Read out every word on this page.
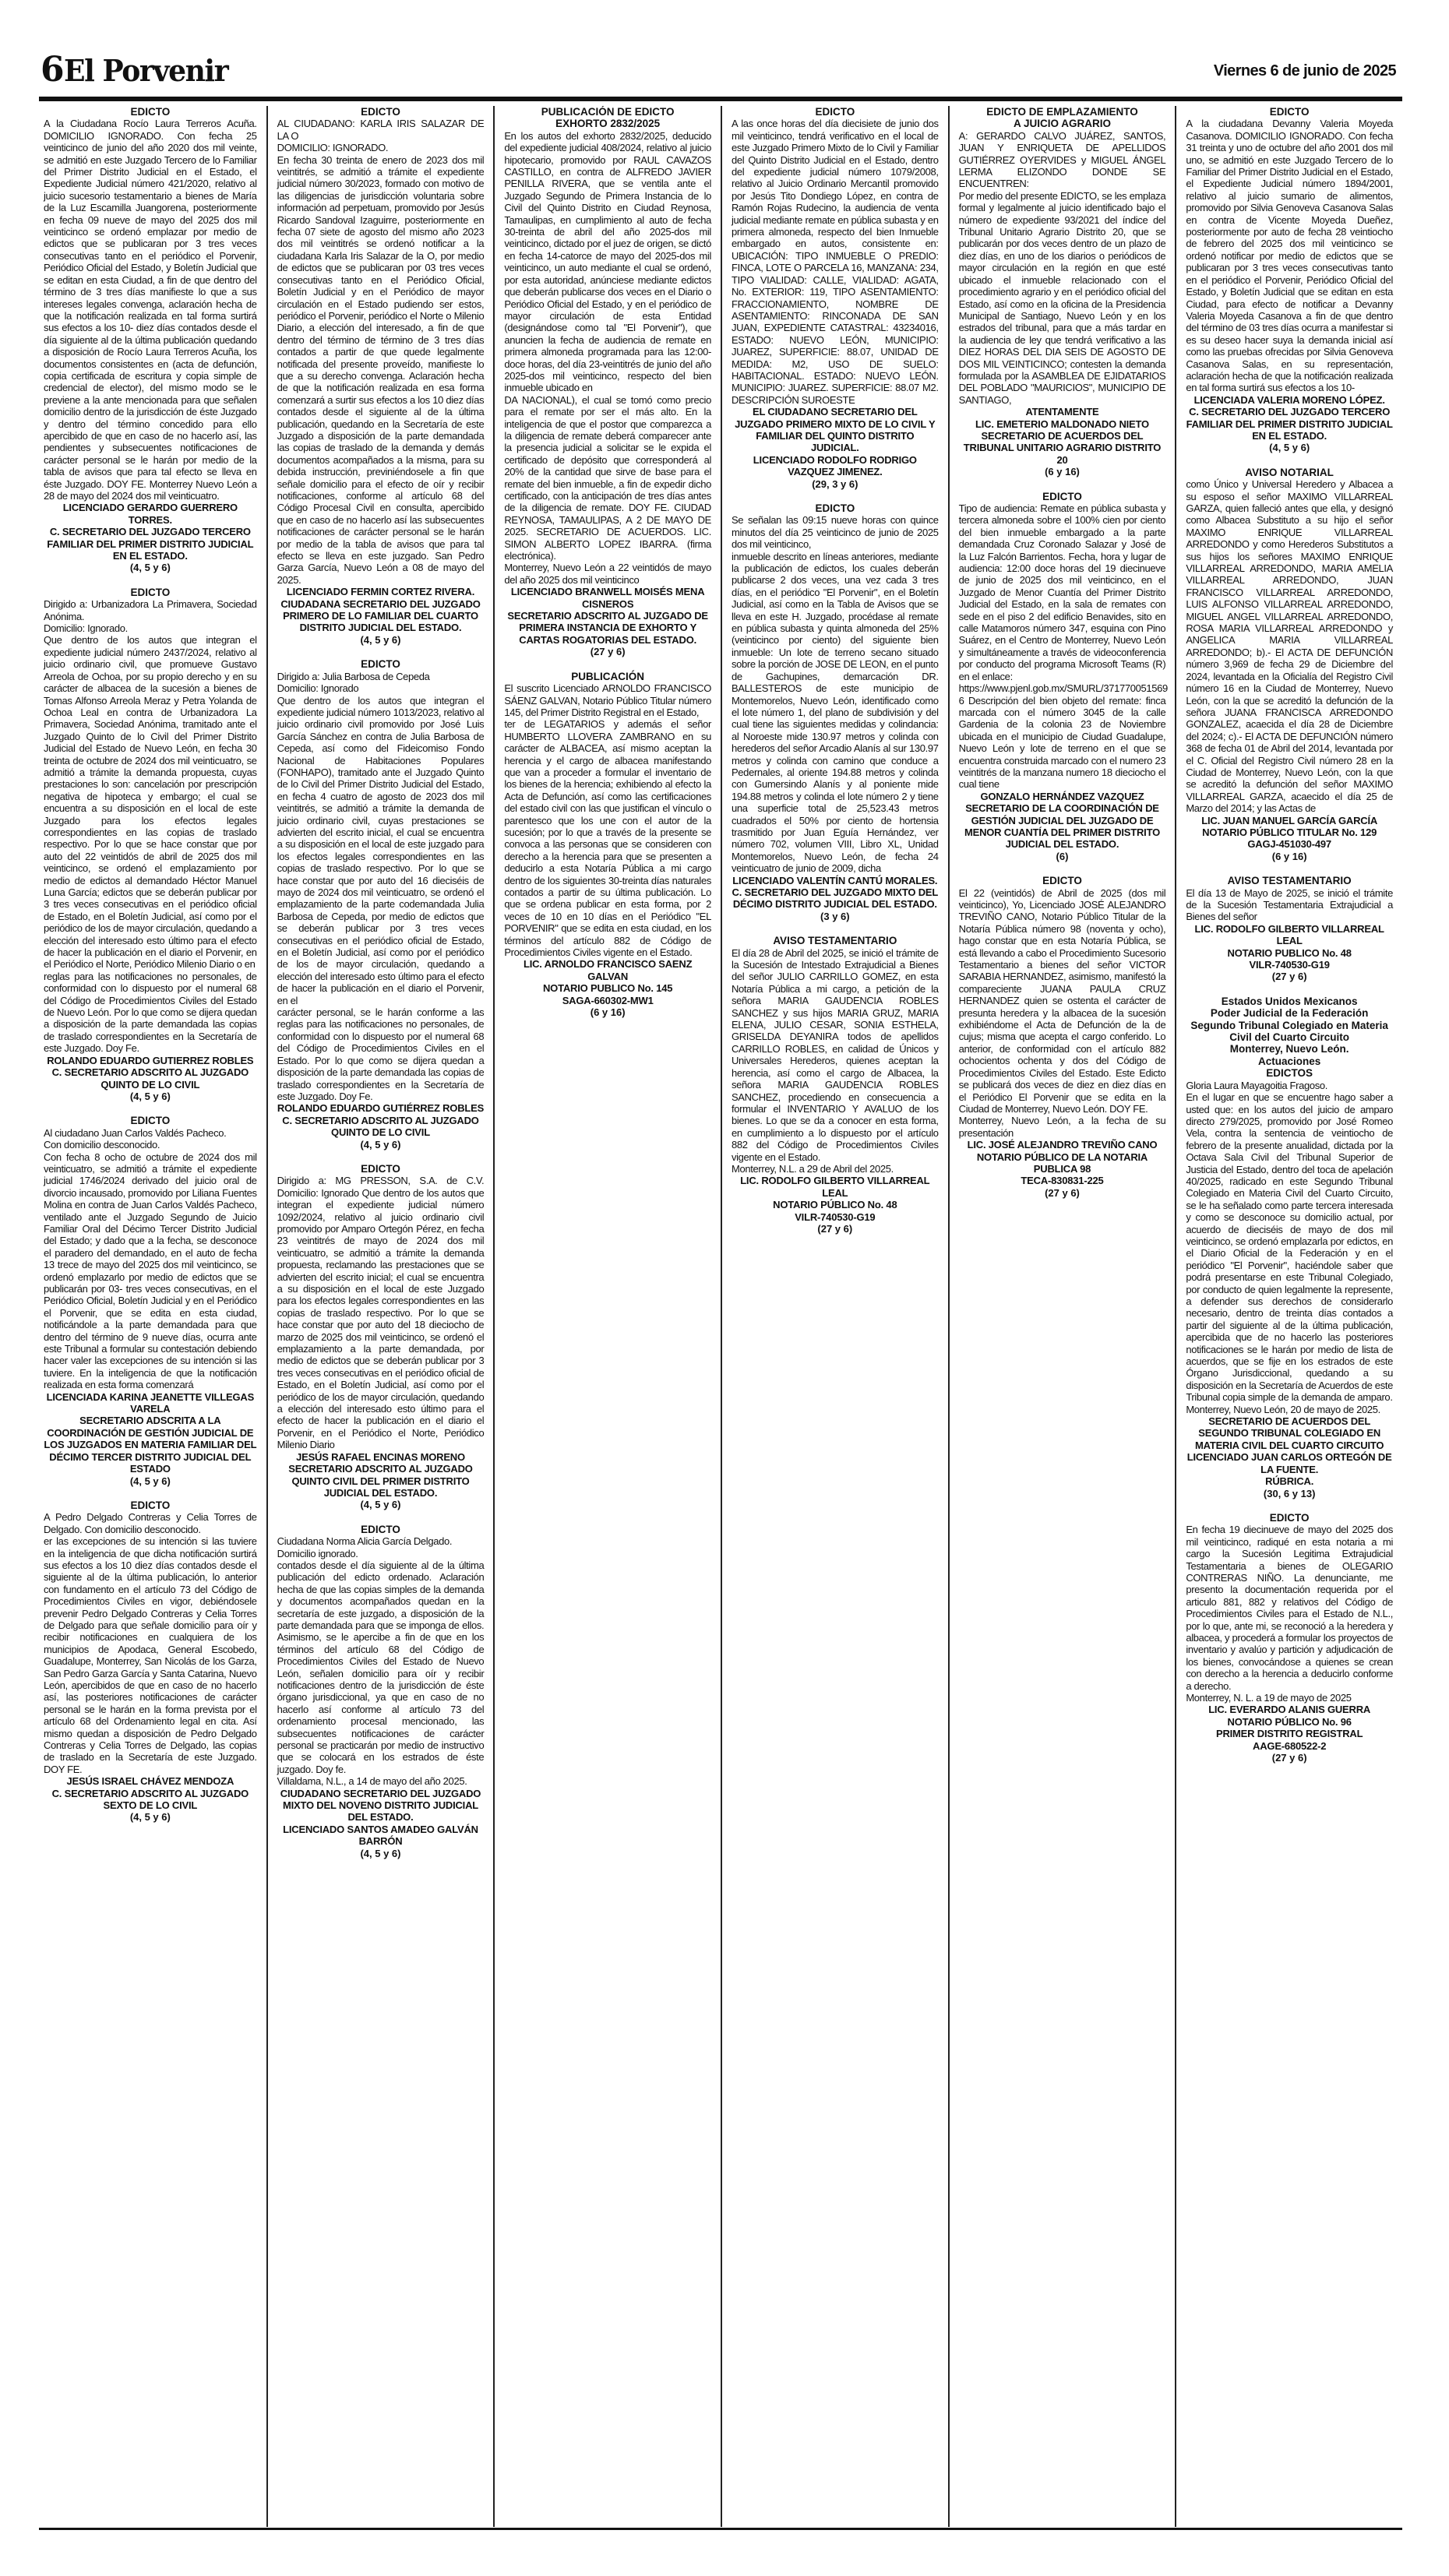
6 El Porvenir	Viernes 6 de junio de 2025
EDICTO

A la Ciudadana Rocío Laura Terreros Acuña. DOMICILIO IGNORADO. Con fecha 25 veinticinco de junio del año 2020 dos mil veinte, se admitió en este Juzgado Tercero de lo Familiar del Primer Distrito Judicial en el Estado, el Expediente Judicial número 421/2020, relativo al juicio sucesorio testamentario a bienes de María de la Luz Escamilla Juangorena, posteriormente en fecha 09 nueve de mayo del 2025 dos mil veinticinco se ordenó emplazar por medio de edictos que se publicaran por 3 tres veces consecutivas tanto en el periódico el Porvenir, Periódico Oficial del Estado, y Boletín Judicial que se editan en esta Ciudad, a fin de que dentro del término de 3 tres días manifieste lo que a sus intereses legales convenga, aclaración hecha de que la notificación realizada en tal forma surtirá sus efectos a los 10- diez días contados desde el día siguiente al de la última publicación quedando a disposición de Rocío Laura Terreros Acuña, los documentos consistentes en (acta de defunción, copia certificada de escritura y copia simple de credencial de elector), del mismo modo se le previene a la ante mencionada para que señalen domicilio dentro de la jurisdicción de éste Juzgado y dentro del término concedido para ello apercibido de que en caso de no hacerlo así, las pendientes y subsecuentes notificaciones de carácter personal se le harán por medio de la tabla de avisos que para tal efecto se lleva en éste Juzgado. DOY FE. Monterrey Nuevo León a 28 de mayo del 2024 dos mil veinticuatro.

LICENCIADO GERARDO GUERRERO TORRES.
C. SECRETARIO DEL JUZGADO TERCERO FAMILIAR DEL PRIMER DISTRITO JUDICIAL EN EL ESTADO.
(4, 5 y 6)
EDICTO

Dirigido a: Urbanizadora La Primavera, Sociedad Anónima.

Domicilio: Ignorado.

Que dentro de los autos que integran el expediente judicial número 2437/2024, relativo al juicio ordinario civil, que promueve Gustavo Arreola de Ochoa, por su propio derecho y en su carácter de albacea de la sucesión a bienes de Tomas Alfonso Arreola Meraz y Petra Yolanda de Ochoa Leal en contra de Urbanizadora La Primavera, Sociedad Anónima, tramitado ante el Juzgado Quinto de lo Civil del Primer Distrito Judicial del Estado de Nuevo León, en fecha 30 treinta de octubre de 2024 dos mil veinticuatro, se admitió a trámite la demanda propuesta, cuyas prestaciones lo son: cancelación por prescripción negativa de hipoteca y embargo; el cual se encuentra a su disposición en el local de este Juzgado para los efectos legales correspondientes en las copias de traslado respectivo. Por lo que se hace constar que por auto del 22 veintidós de abril de 2025 dos mil veinticinco, se ordenó el emplazamiento por medio de edictos al demandado Héctor Manuel Luna García; edictos que se deberán publicar por 3 tres veces consecutivas en el periódico oficial de Estado, en el Boletín Judicial, así como por el periódico de los de mayor circulación, quedando a elección del interesado esto último para el efecto de hacer la publicación en el diario el Porvenir, en el Periódico el Norte, Periódico Milenio Diario o en

reglas para las notificaciones no personales, de conformidad con lo dispuesto por el numeral 68 del Código de Procedimientos Civiles del Estado de Nuevo León. Por lo que como se dijera quedan a disposición de la parte demandada las copias de traslado correspondientes en la Secretaría de este Juzgado. Doy Fe.

ROLANDO EDUARDO GUTIERREZ ROBLES
C. SECRETARIO ADSCRITO AL JUZGADO QUINTO DE LO CIVIL
(4, 5 y 6)
EDICTO

Al ciudadano Juan Carlos Valdés Pacheco.

Con domicilio desconocido.

Con fecha 8 ocho de octubre de 2024 dos mil veinticuatro, se admitió a trámite el expediente judicial 1746/2024 derivado del juicio oral de divorcio incausado, promovido por Liliana Fuentes Molina en contra de Juan Carlos Valdés Pacheco, ventilado ante el Juzgado Segundo de Juicio Familiar Oral del Décimo Tercer Distrito Judicial del Estado; y dado que a la fecha, se desconoce el paradero del demandado, en el auto de fecha 13 trece de mayo del 2025 dos mil veinticinco, se ordenó emplazarlo por medio de edictos que se publicarán por 03- tres veces consecutivas, en el Periódico Oficial, Boletín Judicial y en el Periódico el Porvenir, que se edita en esta ciudad, notificándole a la parte demandada para que dentro del término de 9 nueve días, ocurra ante este Tribunal a formular su contestación debiendo hacer valer las excepciones de su intención si las tuviere. En la inteligencia de que la notificación realizada en esta forma comenzará

LICENCIADA KARINA JEANETTE VILLEGAS VARELA
SECRETARIO ADSCRITA A LA COORDINACIÓN DE GESTIÓN JUDICIAL DE LOS JUZGADOS EN MATERIA FAMILIAR DEL DÉCIMO TERCER DISTRITO JUDICIAL DEL ESTADO
(4, 5 y 6)
EDICTO

A Pedro Delgado Contreras y Celia Torres de Delgado. Con domicilio desconocido.

er las excepciones de su intención si las tuviere en la inteligencia de que dicha notificación surtirá sus efectos a los 10 diez días contados desde el siguiente al de la última publicación, lo anterior con fundamento en el artículo 73 del Código de Procedimientos Civiles en vigor, debiéndosele prevenir Pedro Delgado Contreras y Celia Torres de Delgado para que señale domicilio para oír y recibir notificaciones en cualquiera de los municipios de Apodaca, General Escobedo, Guadalupe, Monterrey, San Nicolás de los Garza, San Pedro Garza García y Santa Catarina, Nuevo León, apercibidos de que en caso de no hacerlo así, las posteriores notificaciones de carácter personal se le harán en la forma prevista por el artículo 68 del Ordenamiento legal en cita. Así mismo quedan a disposición de Pedro Delgado Contreras y Celia Torres de Delgado, las copias de traslado en la Secretaría de este Juzgado. DOY FE.

JESÚS ISRAEL CHÁVEZ MENDOZA
C. SECRETARIO ADSCRITO AL JUZGADO SEXTO DE LO CIVIL
(4, 5 y 6)
EDICTO

AL CIUDADANO: KARLA IRIS SALAZAR DE LA O

DOMICILIO: IGNORADO.

En fecha 30 treinta de enero de 2023 dos mil veintitrés, se admitió a trámite el expediente judicial número 30/2023, formado con motivo de las diligencias de jurisdicción voluntaria sobre información ad perpetuam, promovido por Jesús Ricardo Sandoval Izaguirre, posteriormente en fecha 07 siete de agosto del mismo año 2023 dos mil veintitrés se ordenó notificar a la ciudadana Karla Iris Salazar de la O, por medio de edictos que se publicaran por 03 tres veces consecutivas tanto en el Periódico Oficial, Boletín Judicial y en el Periódico de mayor circulación en el Estado pudiendo ser estos, periódico el Porvenir, periódico el Norte o Milenio Diario, a elección del interesado, a fin de que dentro del término de término de 3 tres días contados a partir de que quede legalmente notificada del presente proveído, manifieste lo que a su derecho convenga. Aclaración hecha de que la notificación realizada en esa forma comenzará a surtir sus efectos a los 10 diez días contados desde el siguiente al de la última publicación, quedando en la Secretaría de este Juzgado a disposición de la parte demandada las copias de traslado de la demanda y demás documentos acompañados a la misma, para su debida instrucción, previniéndosele a fin que señale domicilio para el efecto de oír y recibir notificaciones, conforme al artículo 68 del Código Procesal Civil en consulta, apercibido que en caso de no hacerlo así las subsecuentes notificaciones de carácter personal se le harán por medio de la tabla de avisos que para tal efecto se lleva en este juzgado. San Pedro Garza García, Nuevo León a 08 de mayo del 2025.

LICENCIADO FERMIN CORTEZ RIVERA.
CIUDADANA SECRETARIO DEL JUZGADO PRIMERO DE LO FAMILIAR DEL CUARTO DISTRITO JUDICIAL DEL ESTADO.
(4, 5 y 6)
EDICTO

Dirigido a: Julia Barbosa de Cepeda

Domicilio: Ignorado

Que dentro de los autos que integran el expediente judicial número 1013/2023, relativo al juicio ordinario civil promovido por José Luis García Sánchez en contra de Julia Barbosa de Cepeda, así como del Fideicomiso Fondo Nacional de Habitaciones Populares (FONHAPO), tramitado ante el Juzgado Quinto de lo Civil del Primer Distrito Judicial del Estado, en fecha 4 cuatro de agosto de 2023 dos mil veintitrés, se admitió a trámite la demanda de juicio ordinario civil, cuyas prestaciones se advierten del escrito inicial, el cual se encuentra a su disposición en el local de este juzgado para los efectos legales correspondientes en las copias de traslado respectivo. Por lo que se hace constar que por auto del 16 dieciséis de mayo de 2024 dos mil veinticuatro, se ordenó el emplazamiento de la parte codemandada Julia Barbosa de Cepeda, por medio de edictos que se deberán publicar por 3 tres veces consecutivas en el periódico oficial de Estado, en el Boletín Judicial, así como por el periódico de los de mayor circulación, quedando a elección del interesado esto último para el efecto de hacer la publicación en el diario el Porvenir, en el

carácter personal, se le harán conforme a las reglas para las notificaciones no personales, de conformidad con lo dispuesto por el numeral 68 del Código de Procedimientos Civiles en el Estado. Por lo que como se dijera quedan a disposición de la parte demandada las copias de traslado correspondientes en la Secretaría de este Juzgado. Doy Fe.

ROLANDO EDUARDO GUTIÉRREZ ROBLES
C. SECRETARIO ADSCRITO AL JUZGADO QUINTO DE LO CIVIL
(4, 5 y 6)
EDICTO

Dirigido a: MG PRESSON, S.A. de C.V. Domicilio: Ignorado Que dentro de los autos que integran el expediente judicial número 1092/2024, relativo al juicio ordinario civil promovido por Amparo Ortegón Pérez, en fecha 23 veintitrés de mayo de 2024 dos mil veinticuatro, se admitió a trámite la demanda propuesta, reclamando las prestaciones que se advierten del escrito inicial; el cual se encuentra a su disposición en el local de este Juzgado para los efectos legales correspondientes en las copias de traslado respectivo. Por lo que se hace constar que por auto del 18 dieciocho de marzo de 2025 dos mil veinticinco, se ordenó el emplazamiento a la parte demandada, por medio de edictos que se deberán publicar por 3 tres veces consecutivas en el periódico oficial de Estado, en el Boletín Judicial, así como por el periódico de los de mayor circulación, quedando a elección del interesado esto último para el efecto de hacer la publicación en el diario el Porvenir, en el Periódico el Norte, Periódico Milenio Diario

JESÚS RAFAEL ENCINAS MORENO
SECRETARIO ADSCRITO AL JUZGADO QUINTO CIVIL DEL PRIMER DISTRITO JUDICIAL DEL ESTADO.
(4, 5 y 6)
EDICTO

Ciudadana Norma Alicia García Delgado.

Domicilio ignorado.

contados desde el día siguiente al de la última publicación del edicto ordenado. Aclaración hecha de que las copias simples de la demanda y documentos acompañados quedan en la secretaría de este juzgado, a disposición de la parte demandada para que se imponga de ellos. Asimismo, se le apercibe a fin de que en los términos del artículo 68 del Código de Procedimientos Civiles del Estado de Nuevo León, señalen domicilio para oír y recibir notificaciones dentro de la jurisdicción de éste órgano jurisdiccional, ya que en caso de no hacerlo así conforme al artículo 73 del ordenamiento procesal mencionado, las subsecuentes notificaciones de carácter personal se practicarán por medio de instructivo que se colocará en los estrados de éste juzgado. Doy fe.

Villaldama, N.L., a 14 de mayo del año 2025.

CIUDADANO SECRETARIO DEL JUZGADO MIXTO DEL NOVENO DISTRITO JUDICIAL DEL ESTADO.
LICENCIADO SANTOS AMADEO GALVÁN BARRÓN
(4, 5 y 6)
PUBLICACIÓN DE EDICTO
EXHORTO 2832/2025

En los autos del exhorto 2832/2025, deducido del expediente judicial 408/2024, relativo al juicio hipotecario, promovido por RAUL CAVAZOS CASTILLO, en contra de ALFREDO JAVIER PENILLA RIVERA, que se ventila ante el Juzgado Segundo de Primera Instancia de lo Civil del Quinto Distrito en Ciudad Reynosa, Tamaulipas, en cumplimiento al auto de fecha 30-treinta de abril del año 2025-dos mil veinticinco, dictado por el juez de origen, se dictó en fecha 14-catorce de mayo del 2025-dos mil veinticinco, un auto mediante el cual se ordenó, por esta autoridad, anúnciese mediante edictos que deberán publicarse dos veces en el Diario o Periódico Oficial del Estado, y en el periódico de mayor circulación de esta Entidad (designándose como tal "El Porvenir"), que anuncien la fecha de audiencia de remate en primera almoneda programada para las 12:00-doce horas, del día 23-veintitrés de junio del año 2025-dos mil veinticinco, respecto del bien inmueble ubicado en

DA NACIONAL), el cual se tomó como precio para el remate por ser el más alto. En la inteligencia de que el postor que comparezca a la diligencia de remate deberá comparecer ante la presencia judicial a solicitar se le expida el certificado de depósito que corresponderá al 20% de la cantidad que sirve de base para el remate del bien inmueble, a fin de expedir dicho certificado, con la anticipación de tres días antes de la diligencia de remate. DOY FE. CIUDAD REYNOSA, TAMAULIPAS, A 2 DE MAYO DE 2025. SECRETARIO DE ACUERDOS. LIC. SIMON ALBERTO LOPEZ IBARRA. (firma electrónica).

Monterrey, Nuevo León a 22 veintidós de mayo del año 2025 dos mil veinticinco

LICENCIADO BRANWELL MOISÉS MENA CISNEROS
SECRETARIO ADSCRITO AL JUZGADO DE PRIMERA INSTANCIA DE EXHORTO Y CARTAS ROGATORIAS DEL ESTADO.
(27 y 6)
PUBLICACIÓN

El suscrito Licenciado ARNOLDO FRANCISCO SÁENZ GALVAN, Notario Público Titular número 145, del Primer Distrito Registral en el Estado,

ter de LEGATARIOS y además el señor HUMBERTO LLOVERA ZAMBRANO en su carácter de ALBACEA, así mismo aceptan la herencia y el cargo de albacea manifestando que van a proceder a formular el inventario de los bienes de la herencia; exhibiendo al efecto la Acta de Defunción, así como las certificaciones del estado civil con las que justifican el vínculo o parentesco que los une con el autor de la sucesión; por lo que a través de la presente se convoca a las personas que se consideren con derecho a la herencia para que se presenten a deducirlo a esta Notaría Pública a mi cargo dentro de los siguientes 30-treinta días naturales contados a partir de su última publicación. Lo que se ordena publicar en esta forma, por 2 veces de 10 en 10 días en el Periódico "EL PORVENIR" que se edita en esta ciudad, en los términos del artículo 882 de Código de Procedimientos Civiles vigente en el Estado.

LIC. ARNOLDO FRANCISCO SAENZ GALVAN
NOTARIO PUBLICO No. 145
SAGA-660302-MW1
(6 y 16)
EDICTO

A las once horas del día diecisiete de junio dos mil veinticinco, tendrá verificativo en el local de este Juzgado Primero Mixto de lo Civil y Familiar del Quinto Distrito Judicial en el Estado, dentro del expediente judicial número 1079/2008, relativo al Juicio Ordinario Mercantil promovido por Jesús Tito Dondiego López, en contra de Ramón Rojas Rudecino, la audiencia de venta judicial mediante remate en pública subasta y en primera almoneda, respecto del bien Inmueble embargado en autos, consistente en: UBICACIÓN: TIPO INMUEBLE O PREDIO: FINCA, LOTE O PARCELA 16, MANZANA: 234, TIPO VIALIDAD: CALLE, VIALIDAD: AGATA, No. EXTERIOR: 119, TIPO ASENTAMIENTO: FRACCIONAMIENTO, NOMBRE DE ASENTAMIENTO: RINCONADA DE SAN JUAN, EXPEDIENTE CATASTRAL: 43234016, ESTADO: NUEVO LEÓN, MUNICIPIO: JUAREZ, SUPERFICIE: 88.07, UNIDAD DE MEDIDA: M2, USO DE SUELO: HABITACIONAL. ESTADO: NUEVO LEÓN. MUNICIPIO: JUAREZ. SUPERFICIE: 88.07 M2. DESCRIPCIÓN SUROESTE

EL CIUDADANO SECRETARIO DEL JUZGADO PRIMERO MIXTO DE LO CIVIL Y FAMILIAR DEL QUINTO DISTRITO JUDICIAL.
LICENCIADO RODOLFO RODRIGO VAZQUEZ JIMENEZ.
(29, 3 y 6)
EDICTO

Se señalan las 09:15 nueve horas con quince minutos del día 25 veinticinco de junio de 2025 dos mil veinticinco,

inmueble descrito en líneas anteriores, mediante la publicación de edictos, los cuales deberán publicarse 2 dos veces, una vez cada 3 tres días, en el periódico "El Porvenir", en el Boletín Judicial, así como en la Tabla de Avisos que se lleva en este H. Juzgado, procédase al remate en pública subasta y quinta almoneda del 25% (veinticinco por ciento) del siguiente bien inmueble: Un lote de terreno secano situado sobre la porción de JOSE DE LEON, en el punto de Gachupines, demarcación DR. BALLESTEROS de este municipio de Montemorelos, Nuevo León, identificado como el lote número 1, del plano de subdivisión y del cual tiene las siguientes medidas y colindancia: al Noroeste mide 130.97 metros y colinda con herederos del señor Arcadio Alanís al sur 130.97 metros y colinda con camino que conduce a Pedernales, al oriente 194.88 metros y colinda con Gumersindo Alanís y al poniente mide 194.88 metros y colinda el lote número 2 y tiene una superficie total de 25,523.43 metros cuadrados el 50% por ciento de hortensia trasmitido por Juan Eguía Hernández, ver número 702, volumen VIII, Libro XL, Unidad Montemorelos, Nuevo León, de fecha 24 veinticuatro de junio de 2009, dicha

LICENCIADO VALENTÍN CANTÚ MORALES.
C. SECRETARIO DEL JUZGADO MIXTO DEL DÉCIMO DISTRITO JUDICIAL DEL ESTADO.
(3 y 6)
AVISO TESTAMENTARIO

El día 28 de Abril del 2025, se inició el trámite de la Sucesión de Intestado Extrajudicial a Bienes del señor JULIO CARRILLO GOMEZ, en esta Notaría Pública a mi cargo, a petición de la señora MARIA GAUDENCIA ROBLES SANCHEZ y sus hijos MARIA GRUZ, MARIA ELENA, JULIO CESAR, SONIA ESTHELA, GRISELDA DEYANIRA todos de apellidos CARRILLO ROBLES, en calidad de Únicos y Universales Herederos, quienes aceptan la herencia, así como el cargo de Albacea, la señora MARIA GAUDENCIA ROBLES SANCHEZ, procediendo en consecuencia a formular el INVENTARIO Y AVALUO de los bienes. Lo que se da a conocer en esta forma, en cumplimiento a lo dispuesto por el artículo 882 del Código de Procedimientos Civiles vigente en el Estado.

Monterrey, N.L. a 29 de Abril del 2025.

LIC. RODOLFO GILBERTO VILLARREAL LEAL
NOTARIO PÚBLICO No. 48
VILR-740530-G19
(27 y 6)
EDICTO DE EMPLAZAMIENTO
A JUICIO AGRARIO

A: GERARDO CALVO JUÁREZ, SANTOS, JUAN Y ENRIQUETA DE APELLIDOS GUTIÉRREZ OYERVIDES y MIGUEL ÁNGEL LERMA ELIZONDO DONDE SE ENCUENTREN:

Por medio del presente EDICTO, se les emplaza formal y legalmente al juicio identificado bajo el número de expediente 93/2021 del índice del Tribunal Unitario Agrario Distrito 20, que se publicarán por dos veces dentro de un plazo de diez días, en uno de los diarios o periódicos de mayor circulación en la región en que esté ubicado el inmueble relacionado con el procedimiento agrario y en el periódico oficial del Estado, así como en la oficina de la Presidencia Municipal de Santiago, Nuevo León y en los estrados del tribunal, para que a más tardar en la audiencia de ley que tendrá verificativo a las DIEZ HORAS DEL DIA SEIS DE AGOSTO DE DOS MIL VEINTICINCO; contesten la demanda formulada por la ASAMBLEA DE EJIDATARIOS DEL POBLADO "MAURICIOS", MUNICIPIO DE SANTIAGO,

ATENTAMENTE
LIC. EMETERIO MALDONADO NIETO
SECRETARIO DE ACUERDOS DEL TRIBUNAL UNITARIO AGRARIO DISTRITO 20
(6 y 16)
EDICTO

Tipo de audiencia: Remate en pública subasta y tercera almoneda sobre el 100% cien por ciento del bien inmueble embargado a la parte demandada Cruz Coronado Salazar y José de la Luz Falcón Barrientos. Fecha, hora y lugar de audiencia: 12:00 doce horas del 19 diecinueve de junio de 2025 dos mil veinticinco, en el Juzgado de Menor Cuantía del Primer Distrito Judicial del Estado, en la sala de remates con sede en el piso 2 del edificio Benavides, sito en calle Matamoros número 347, esquina con Pino Suárez, en el Centro de Monterrey, Nuevo León y simultáneamente a través de videoconferencia por conducto del programa Microsoft Teams (R) en el enlace:

https://www.pjenl.gob.mx/SMURL/371770051569 6 Descripción del bien objeto del remate: finca marcada con el número 3045 de la calle Gardenia de la colonia 23 de Noviembre ubicada en el municipio de Ciudad Guadalupe, Nuevo León y lote de terreno en el que se encuentra construida marcado con el numero 23 veintitrés de la manzana numero 18 dieciocho el cual tiene

GONZALO HERNÁNDEZ VAZQUEZ
SECRETARIO DE LA COORDINACIÓN DE GESTIÓN JUDICIAL DEL JUZGADO DE MENOR CUANTÍA DEL PRIMER DISTRITO JUDICIAL DEL ESTADO.
(6)
EDICTO

El 22 (veintidós) de Abril de 2025 (dos mil veinticinco), Yo, Licenciado JOSÉ ALEJANDRO TREVIÑO CANO, Notario Público Titular de la Notaría Pública número 98 (noventa y ocho), hago constar que en esta Notaría Pública, se está llevando a cabo el Procedimiento Sucesorio Testamentario a bienes del señor VICTOR SARABIA HERNANDEZ, asimismo, manifestó la compareciente JUANA PAULA CRUZ HERNANDEZ quien se ostenta el carácter de presunta heredera y la albacea de la sucesión exhibiéndome el Acta de Defunción de la de cujus; misma que acepta el cargo conferido. Lo anterior, de conformidad con el artículo 882 ochocientos ochenta y dos del Código de Procedimientos Civiles del Estado. Este Edicto se publicará dos veces de diez en diez días en el Periódico El Porvenir que se edita en la Ciudad de Monterrey, Nuevo León. DOY FE.

Monterrey, Nuevo León, a la fecha de su presentación

LIC. JOSÉ ALEJANDRO TREVIÑO CANO
NOTARIO PÚBLICO DE LA NOTARIA PUBLICA 98
TECA-830831-225
(27 y 6)
EDICTO

A la ciudadana Devanny Valeria Moyeda Casanova. DOMICILIO IGNORADO. Con fecha 31 treinta y uno de octubre del año 2001 dos mil uno, se admitió en este Juzgado Tercero de lo Familiar del Primer Distrito Judicial en el Estado, el Expediente Judicial número 1894/2001, relativo al juicio sumario de alimentos, promovido por Silvia Genoveva Casanova Salas en contra de Vicente Moyeda Dueñez, posteriormente por auto de fecha 28 veintiocho de febrero del 2025 dos mil veinticinco se ordenó notificar por medio de edictos que se publicaran por 3 tres veces consecutivas tanto en el periódico el Porvenir, Periódico Oficial del Estado, y Boletín Judicial que se editan en esta Ciudad, para efecto de notificar a Devanny Valeria Moyeda Casanova a fin de que dentro del término de 03 tres días ocurra a manifestar si es su deseo hacer suya la demanda inicial así como las pruebas ofrecidas por Silvia Genoveva Casanova Salas, en su representación, aclaración hecha de que la notificación realizada en tal forma surtirá sus efectos a los 10-

LICENCIADA VALERIA MORENO LÓPEZ.
C. SECRETARIO DEL JUZGADO TERCERO FAMILIAR DEL PRIMER DISTRITO JUDICIAL EN EL ESTADO.
(4, 5 y 6)
AVISO NOTARIAL

como Único y Universal Heredero y Albacea a su esposo el señor MAXIMO VILLARREAL GARZA, quien falleció antes que ella, y designó como Albacea Substituto a su hijo el señor MAXIMO ENRIQUE VILLARREAL ARREDONDO y como Herederos Substitutos a sus hijos los señores MAXIMO ENRIQUE VILLARREAL ARREDONDO, MARIA AMELIA VILLARREAL ARREDONDO, JUAN FRANCISCO VILLARREAL ARREDONDO, LUIS ALFONSO VILLARREAL ARREDONDO, MIGUEL ANGEL VILLARREAL ARREDONDO, ROSA MARIA VILLARREAL ARREDONDO y ANGELICA MARIA VILLARREAL ARREDONDO; b).- El ACTA DE DEFUNCIÓN número 3,969 de fecha 29 de Diciembre del 2024, levantada en la Oficialía del Registro Civil número 16 en la Ciudad de Monterrey, Nuevo León, con la que se acreditó la defunción de la señora JUANA FRANCISCA ARREDONDO GONZALEZ, acaecida el día 28 de Diciembre del 2024; c).- El ACTA DE DEFUNCIÓN número 368 de fecha 01 de Abril del 2014, levantada por el C. Oficial del Registro Civil número 28 en la Ciudad de Monterrey, Nuevo León, con la que se acreditó la defunción del señor MAXIMO VILLARREAL GARZA, acaecido el día 25 de Marzo del 2014; y las Actas de

LIC. JUAN MANUEL GARCÍA GARCÍA
NOTARIO PÚBLICO TITULAR No. 129
GAGJ-451030-497
(6 y 16)
AVISO TESTAMENTARIO

El día 13 de Mayo de 2025, se inició el trámite de la Sucesión Testamentaria Extrajudicial a Bienes del señor

LIC. RODOLFO GILBERTO VILLARREAL LEAL
NOTARIO PUBLICO No. 48
VILR-740530-G19
(27 y 6)
Estados Unidos Mexicanos
Poder Judicial de la Federación
Segundo Tribunal Colegiado en Materia Civil del Cuarto Circuito
Monterrey, Nuevo León.
Actuaciones
EDICTOS

Gloria Laura Mayagoitia Fragoso.

En el lugar en que se encuentre hago saber a usted que: en los autos del juicio de amparo directo 279/2025, promovido por José Romeo Vela, contra la sentencia de veintiocho de febrero de la presente anualidad, dictada por la Octava Sala Civil del Tribunal Superior de Justicia del Estado, dentro del toca de apelación 40/2025, radicado en este Segundo Tribunal Colegiado en Materia Civil del Cuarto Circuito, se le ha señalado como parte tercera interesada y como se desconoce su domicilio actual, por acuerdo de dieciséis de mayo de dos mil veinticinco, se ordenó emplazarla por edictos, en el Diario Oficial de la Federación y en el periódico "El Porvenir", haciéndole saber que podrá presentarse en este Tribunal Colegiado, por conducto de quien legalmente la represente, a defender sus derechos de considerarlo necesario, dentro de treinta días contados a partir del siguiente al de la última publicación, apercibida que de no hacerlo las posteriores notificaciones se le harán por medio de lista de acuerdos, que se fije en los estrados de este Órgano Jurisdiccional, quedando a su disposición en la Secretaría de Acuerdos de este Tribunal copia simple de la demanda de amparo.

Monterrey, Nuevo León, 20 de mayo de 2025.

SECRETARIO DE ACUERDOS DEL SEGUNDO TRIBUNAL COLEGIADO EN MATERIA CIVIL DEL CUARTO CIRCUITO
LICENCIADO JUAN CARLOS ORTEGÓN DE LA FUENTE.
RÚBRICA.
(30, 6 y 13)
EDICTO

En fecha 19 diecinueve de mayo del 2025 dos mil veinticinco, radiqué en esta notaria a mi cargo la Sucesión Legitima Extrajudicial Testamentaria a bienes de OLEGARIO CONTRERAS NIÑO. La denunciante, me presento la documentación requerida por el articulo 881, 882 y relativos del Código de Procedimientos Civiles para el Estado de N.L., por lo que, ante mi, se reconoció a la heredera y albacea, y procederá a formular los proyectos de inventario y avalúo y partición y adjudicación de los bienes, convocándose a quienes se crean con derecho a la herencia a deducirlo conforme a derecho.

Monterrey, N. L. a 19 de mayo de 2025

LIC. EVERARDO ALANIS GUERRA
NOTARIO PÚBLICO No. 96
PRIMER DISTRITO REGISTRAL
AAGE-680522-2
(27 y 6)
